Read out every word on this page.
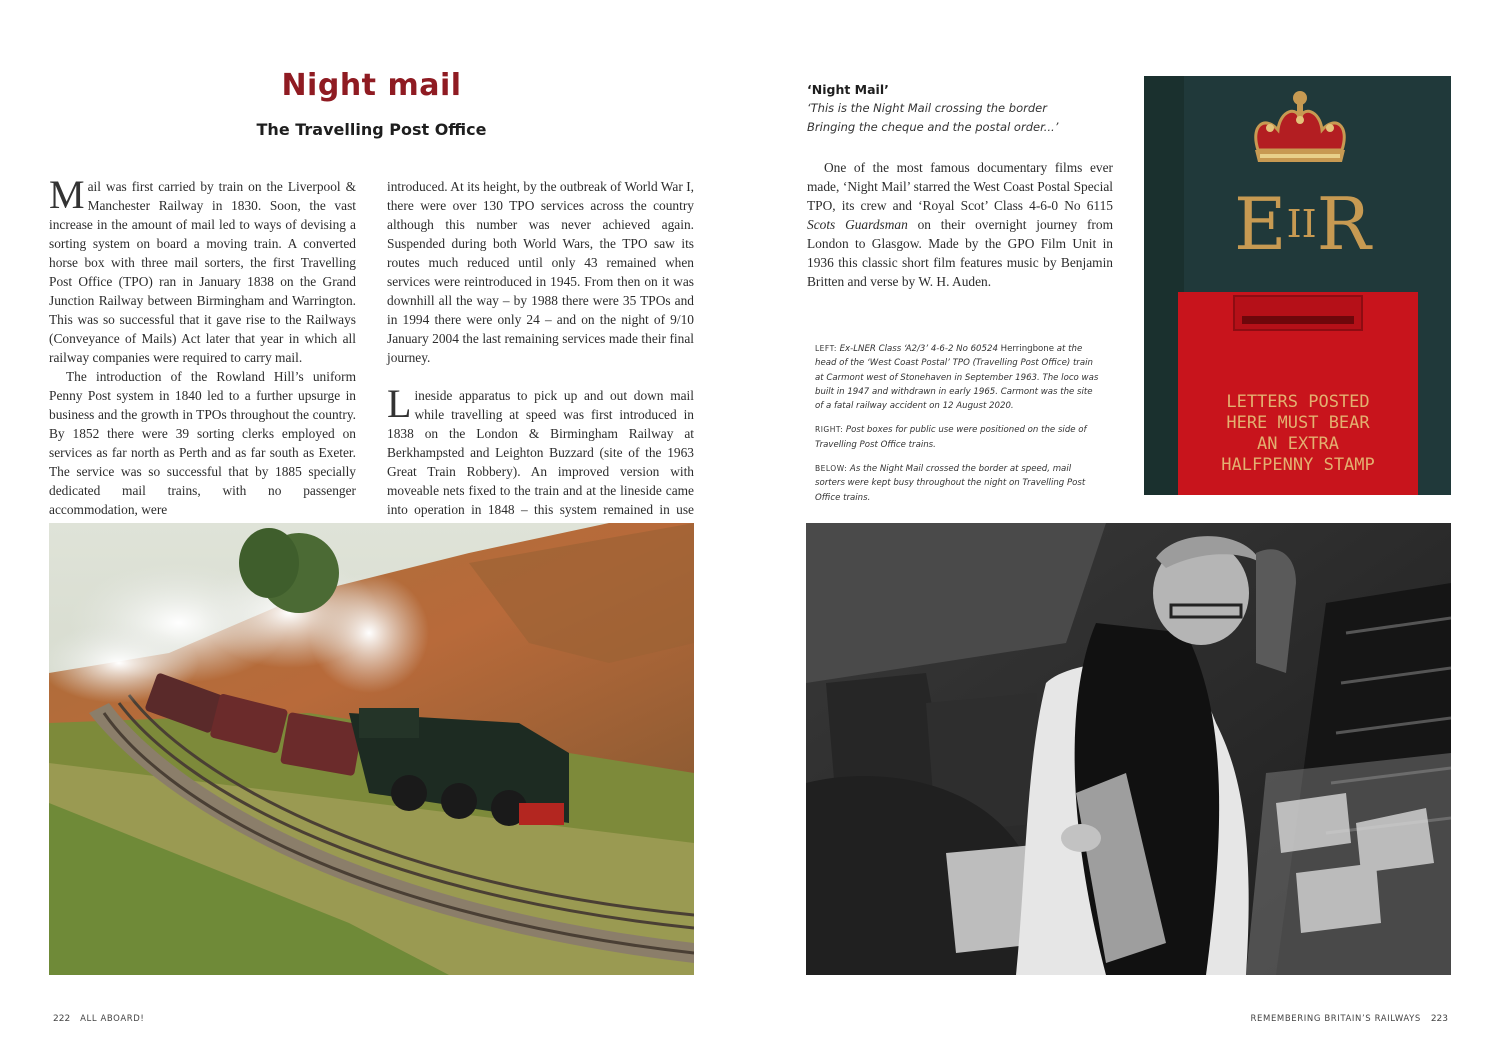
Night mail
The Travelling Post Office

Mail was first carried by train on the Liverpool & Manchester Railway in 1830. Soon, the vast increase in the amount of mail led to ways of devising a sorting system on board a moving train. A converted horse box with three mail sorters, the first Travelling Post Office (TPO) ran in January 1838 on the Grand Junction Railway between Birmingham and Warrington. This was so successful that it gave rise to the Railways (Conveyance of Mails) Act later that year in which all railway companies were required to carry mail.

The introduction of the Rowland Hill’s uniform Penny Post system in 1840 led to a further upsurge in business and the growth in TPOs throughout the country. By 1852 there were 39 sorting clerks employed on services as far north as Perth and as far south as Exeter. The service was so successful that by 1885 specially dedicated mail trains, with no passenger accommodation, were

introduced. At its height, by the outbreak of World War I, there were over 130 TPO services across the country although this number was never achieved again. Suspended during both World Wars, the TPO saw its routes much reduced until only 43 remained when services were reintroduced in 1945. From then on it was downhill all the way – by 1988 there were 35 TPOs and in 1994 there were only 24 – and on the night of 9/10 January 2004 the last remaining services made their final journey.

Lineside apparatus to pick up and out down mail while travelling at speed was first introduced in 1838 on the London & Birmingham Railway at Berkhampsted and Leighton Buzzard (site of the 1963 Great Train Robbery). An improved version with moveable nets fixed to the train and at the lineside came into operation in 1848 – this system remained in use

222 ALL ABOARD!
‘Night Mail’
‘This is the Night Mail crossing the border
Bringing the cheque and the postal order...’

One of the most famous documentary films ever made, ‘Night Mail’ starred the West Coast Postal Special TPO, its crew and ‘Royal Scot’ Class 4-6-0 No 6115 Scots Guardsman on their overnight journey from London to Glasgow. Made by the GPO Film Unit in 1936 this classic short film features music by Benjamin Britten and verse by W. H. Auden.

LEFT: Ex-LNER Class ‘A2/3’ 4-6-2 No 60524 Herringbone at the head of the ‘West Coast Postal’ TPO (Travelling Post Office) train at Carmont west of Stonehaven in September 1963. The loco was built in 1947 and withdrawn in early 1965. Carmont was the site of a fatal railway accident on 12 August 2020.

RIGHT: Post boxes for public use were positioned on the side of Travelling Post Office trains.

BELOW: As the Night Mail crossed the border at speed, mail sorters were kept busy throughout the night on Travelling Post Office trains.

EIIR
LETTERS POSTED
HERE MUST BEAR
AN EXTRA
HALFPENNY STAMP
REMEMBERING BRITAIN’S RAILWAYS 223
